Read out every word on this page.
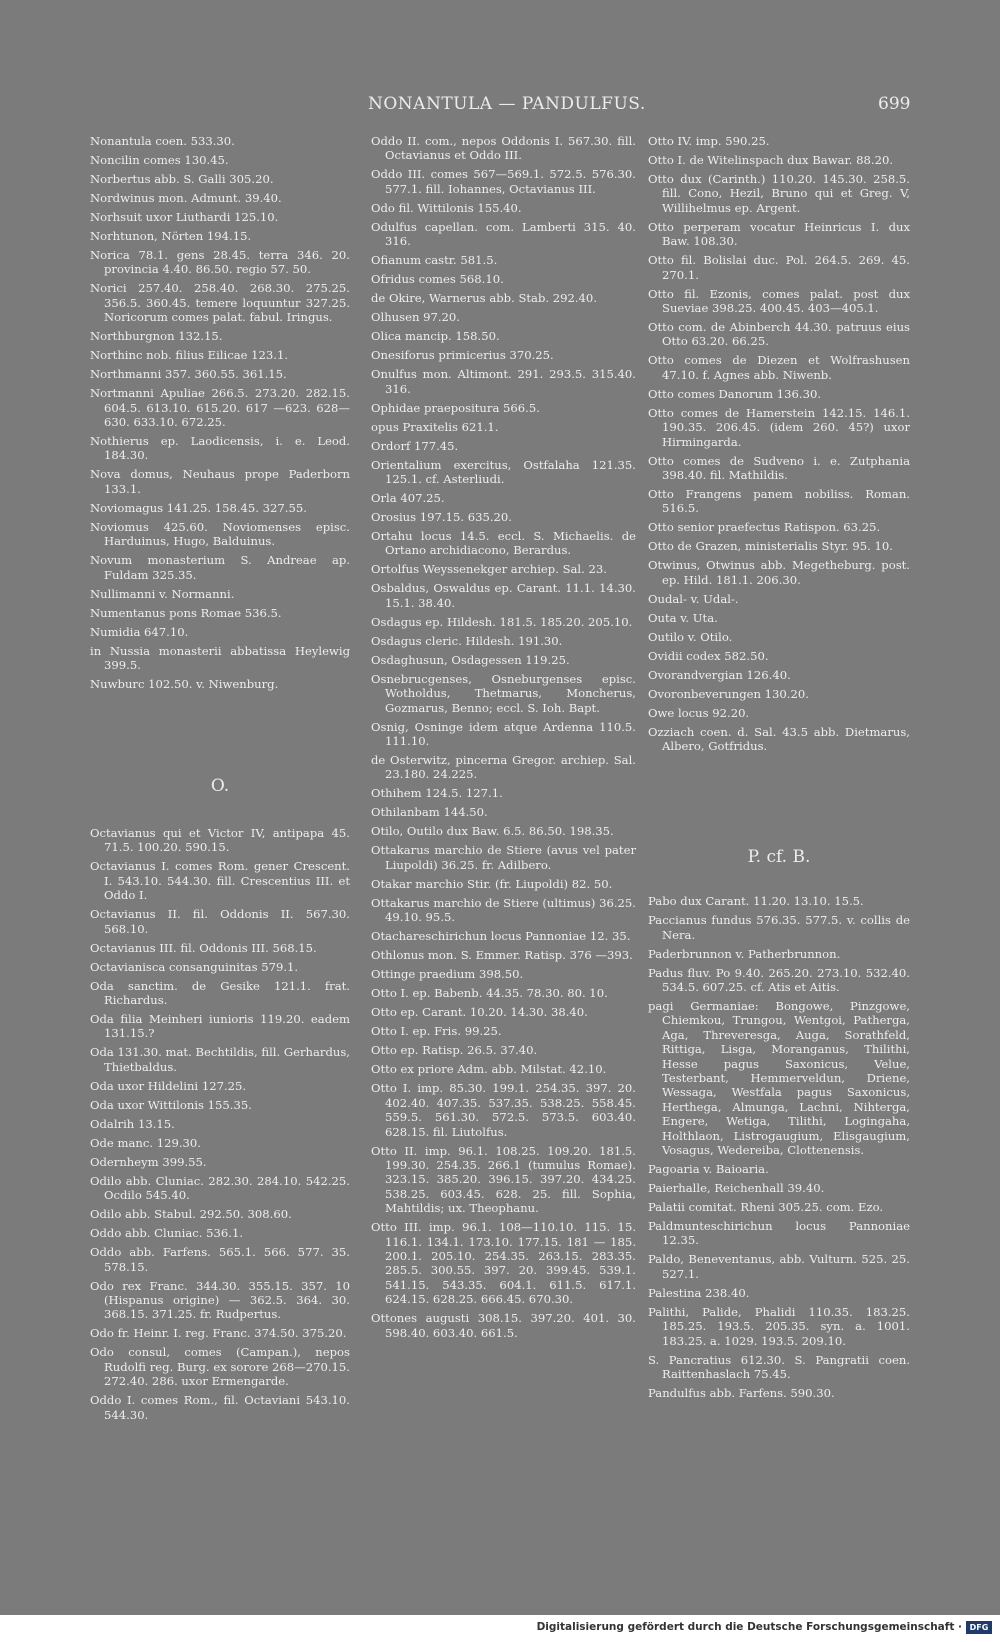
NONANTULA — PANDULFUS.	699
Nonantula coen. 533.30.
Noncilin comes 130.45.
Norbertus abb. S. Galli 305.20.
Nordwinus mon. Admunt. 39.40.
Norhsuit uxor Liuthardi 125.10.
Norhtunon, Nörten 194.15.
Norica 78.1. gens 28.45. terra 346. 20. provincia 4.40. 86.50. regio 57. 50.
Norici 257.40. 258.40. 268.30. 275.25. 356.5. 360.45. temere loquuntur 327.25. Noricorum comes palat. fabul. Iringus.
Northburgnon 132.15.
Northinc nob. filius Eilicae 123.1.
Northmanni 357. 360.55. 361.15.
Nortmanni Apuliae 266.5. 273.20. 282.15. 604.5. 613.10. 615.20. 617 —623. 628—630. 633.10. 672.25.
Nothierus ep. Laodicensis, i. e. Leod. 184.30.
Nova domus, Neuhaus prope Paderborn 133.1.
Noviomagus 141.25. 158.45. 327.55.
Noviomus 425.60. Noviomenses episc. Harduinus, Hugo, Balduinus.
Novum monasterium S. Andreae ap. Fuldam 325.35.
Nullimanni v. Normanni.
Numentanus pons Romae 536.5.
Numidia 647.10.
in Nussia monasterii abbatissa Heylewig 399.5.
Nuwburc 102.50. v. Niwenburg.
O.
Octavianus qui et Victor IV, antipapa 45. 71.5. 100.20. 590.15.
Octavianus I. comes Rom. gener Crescent. I. 543.10. 544.30. fill. Crescentius III. et Oddo I.
Octavianus II. fil. Oddonis II. 567.30. 568.10.
Octavianus III. fil. Oddonis III. 568.15.
Octavianisca consanguinitas 579.1.
Oda sanctim. de Gesike 121.1. frat. Richardus.
Oda filia Meinheri iunioris 119.20. eadem 131.15.?
Oda 131.30. mat. Bechtildis, fill. Gerhardus, Thietbaldus.
Oda uxor Hildelini 127.25.
Oda uxor Wittilonis 155.35.
Odalrih 13.15.
Ode manc. 129.30.
Odernheym 399.55.
Odilo abb. Cluniac. 282.30. 284.10. 542.25. Ocdilo 545.40.
Odilo abb. Stabul. 292.50. 308.60.
Oddo abb. Cluniac. 536.1.
Oddo abb. Farfens. 565.1. 566. 577. 35. 578.15.
Odo rex Franc. 344.30. 355.15. 357. 10 (Hispanus origine) — 362.5. 364. 30. 368.15. 371.25. fr. Rudpertus.
Odo fr. Heinr. I. reg. Franc. 374.50. 375.20.
Odo consul, comes (Campan.), nepos Rudolfi reg. Burg. ex sorore 268—270.15. 272.40. 286. uxor Ermengarde.
Oddo I. comes Rom., fil. Octaviani 543.10. 544.30.
Oddo II. com., nepos Oddonis I. 567.30. fill. Octavianus et Oddo III.
Oddo III. comes 567—569.1. 572.5. 576.30. 577.1. fill. Iohannes, Octavianus III.
Odo fil. Wittilonis 155.40.
Odulfus capellan. com. Lamberti 315. 40. 316.
Ofianum castr. 581.5.
Ofridus comes 568.10.
de Okire, Warnerus abb. Stab. 292.40.
Olhusen 97.20.
Olica mancip. 158.50.
Onesiforus primicerius 370.25.
Onulfus mon. Altimont. 291. 293.5. 315.40. 316.
Ophidae praepositura 566.5.
opus Praxitelis 621.1.
Ordorf 177.45.
Orientalium exercitus, Ostfalaha 121.35. 125.1. cf. Asterliudi.
Orla 407.25.
Orosius 197.15. 635.20.
Ortahu locus 14.5. eccl. S. Michaelis. de Ortano archidiacono, Berardus.
Ortolfus Weyssenekger archiep. Sal. 23.
Osbaldus, Oswaldus ep. Carant. 11.1. 14.30. 15.1. 38.40.
Osdagus ep. Hildesh. 181.5. 185.20. 205.10.
Osdagus cleric. Hildesh. 191.30.
Osdaghusun, Osdagessen 119.25.
Osnebrucgenses, Osneburgenses episc. Wotholdus, Thetmarus, Moncherus, Gozmarus, Benno; eccl. S. Ioh. Bapt.
Osnig, Osninge idem atque Ardenna 110.5. 111.10.
de Osterwitz, pincerna Gregor. archiep. Sal. 23.180. 24.225.
Othihem 124.5. 127.1.
Othilanbam 144.50.
Otilo, Outilo dux Baw. 6.5. 86.50. 198.35.
Ottakarus marchio de Stiere (avus vel pater Liupoldi) 36.25. fr. Adilbero.
Otakar marchio Stir. (fr. Liupoldi) 82. 50.
Ottakarus marchio de Stiere (ultimus) 36.25. 49.10. 95.5.
Otachareschirichun locus Pannoniae 12. 35.
Othlonus mon. S. Emmer. Ratisp. 376 —393.
Ottinge praedium 398.50.
Otto I. ep. Babenb. 44.35. 78.30. 80. 10.
Otto ep. Carant. 10.20. 14.30. 38.40.
Otto I. ep. Fris. 99.25.
Otto ep. Ratisp. 26.5. 37.40.
Otto ex priore Adm. abb. Milstat. 42.10.
Otto I. imp. 85.30. 199.1. 254.35. 397. 20. 402.40. 407.35. 537.35. 538.25. 558.45. 559.5. 561.30. 572.5. 573.5. 603.40. 628.15. fil. Liutolfus.
Otto II. imp. 96.1. 108.25. 109.20. 181.5. 199.30. 254.35. 266.1 (tumulus Romae). 323.15. 385.20. 396.15. 397.20. 434.25. 538.25. 603.45. 628. 25. fill. Sophia, Mahtildis; ux. Theophanu.
Otto III. imp. 96.1. 108—110.10. 115. 15. 116.1. 134.1. 173.10. 177.15. 181 — 185. 200.1. 205.10. 254.35. 263.15. 283.35. 285.5. 300.55. 397. 20. 399.45. 539.1. 541.15. 543.35. 604.1. 611.5. 617.1. 624.15. 628.25. 666.45. 670.30.
Ottones augusti 308.15. 397.20. 401. 30. 598.40. 603.40. 661.5.
Otto IV. imp. 590.25.
Otto I. de Witelinspach dux Bawar. 88.20.
Otto dux (Carinth.) 110.20. 145.30. 258.5. fill. Cono, Hezil, Bruno qui et Greg. V, Willihelmus ep. Argent.
Otto perperam vocatur Heinricus I. dux Baw. 108.30.
Otto fil. Bolislai duc. Pol. 264.5. 269. 45. 270.1.
Otto fil. Ezonis, comes palat. post dux Sueviae 398.25. 400.45. 403—405.1.
Otto com. de Abinberch 44.30. patruus eius Otto 63.20. 66.25.
Otto comes de Diezen et Wolfrashusen 47.10. f. Agnes abb. Niwenb.
Otto comes Danorum 136.30.
Otto comes de Hamerstein 142.15. 146.1. 190.35. 206.45. (idem 260. 45?) uxor Hirmingarda.
Otto comes de Sudveno i. e. Zutphania 398.40. fil. Mathildis.
Otto Frangens panem nobiliss. Roman. 516.5.
Otto senior praefectus Ratispon. 63.25.
Otto de Grazen, ministerialis Styr. 95. 10.
Otwinus, Otwinus abb. Megetheburg. post. ep. Hild. 181.1. 206.30.
Oudal- v. Udal-.
Outa v. Uta.
Outilo v. Otilo.
Ovidii codex 582.50.
Ovorandvergian 126.40.
Ovoronbeverungen 130.20.
Owe locus 92.20.
Ozziach coen. d. Sal. 43.5 abb. Dietmarus, Albero, Gotfridus.
P. cf. B.
Pabo dux Carant. 11.20. 13.10. 15.5.
Paccianus fundus 576.35. 577.5. v. collis de Nera.
Paderbrunnon v. Patherbrunnon.
Padus fluv. Po 9.40. 265.20. 273.10. 532.40. 534.5. 607.25. cf. Atis et Aitis.
pagi Germaniae: Bongowe, Pinzgowe, Chiemkou, Trungou, Wentgoi, Patherga, Aga, Threveresga, Auga, Sorathfeld, Rittiga, Lisga, Moranganus, Thilithi, Hesse pagus Saxonicus, Velue, Testerbant, Hemmerveldun, Driene, Wessaga, Westfala pagus Saxonicus, Herthega, Almunga, Lachni, Nihterga, Engere, Wetiga, Tilithi, Logingaha, Holthlaon, Listrogaugium, Elisgaugium, Vosagus, Wedereiba, Clottenensis.
Pagoaria v. Baioaria.
Paierhalle, Reichenhall 39.40.
Palatii comitat. Rheni 305.25. com. Ezo.
Paldmunteschirichun locus Pannoniae 12.35.
Paldo, Beneventanus, abb. Vulturn. 525. 25. 527.1.
Palestina 238.40.
Palithi, Palide, Phalidi 110.35. 183.25. 185.25. 193.5. 205.35. syn. a. 1001. 183.25. a. 1029. 193.5. 209.10.
S. Pancratius 612.30. S. Pangratii coen. Raittenhaslach 75.45.
Pandulfus abb. Farfens. 590.30.
Digitalisierung gefördert durch die Deutsche Forschungsgemeinschaft · DFG
